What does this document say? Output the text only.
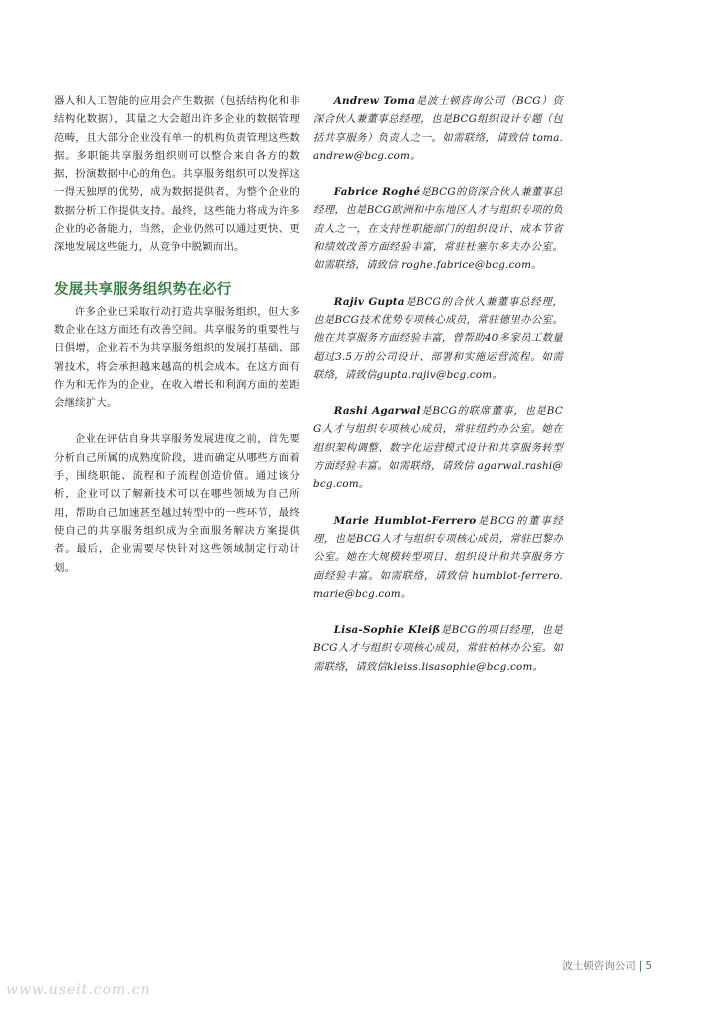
器人和人工智能的应用会产生数据（包括结构化和非结构化数据），其量之大会超出许多企业的数据管理范畴，且大部分企业没有单一的机构负责管理这些数据。多职能共享服务组织则可以整合来自各方的数据，扮演数据中心的角色。共享服务组织可以发挥这一得天独厚的优势，成为数据提供者，为整个企业的数据分析工作提供支持。最终，这些能力将成为许多企业的必备能力，当然，企业仍然可以通过更快、更深地发展这些能力，从竞争中脱颖而出。

发展共享服务组织势在必行

许多企业已采取行动打造共享服务组织，但大多数企业在这方面还有改善空间。共享服务的重要性与日俱增，企业若不为共享服务组织的发展打基础、部署技术，将会承担越来越高的机会成本。在这方面有作为和无作为的企业，在收入增长和利润方面的差距会继续扩大。

企业在评估自身共享服务发展进度之前，首先要分析自己所属的成熟度阶段，进而确定从哪些方面着手，围绕职能、流程和子流程创造价值。通过该分析，企业可以了解新技术可以在哪些领域为自己所用，帮助自己加速甚至越过转型中的一些环节，最终使自己的共享服务组织成为全面服务解决方案提供者。最后，企业需要尽快针对这些领域制定行动计划。

Andrew Toma是波士顿咨询公司（BCG）资深合伙人兼董事总经理，也是BCG组织设计专题（包括共享服务）负责人之一。如需联络，请致信 toma.andrew@bcg.com。

Fabrice Roghé是BCG的资深合伙人兼董事总经理，也是BCG欧洲和中东地区人才与组织专项的负责人之一，在支持性职能部门的组织设计、成本节省和绩效改善方面经验丰富，常驻杜塞尔多夫办公室。如需联络，请致信 roghe.fabrice@bcg.com。

Rajiv Gupta是BCG的合伙人兼董事总经理，也是BCG技术优势专项核心成员，常驻德里办公室。他在共享服务方面经验丰富，曾帮助40多家员工数量超过3.5万的公司设计、部署和实施运营流程。如需联络，请致信gupta.rajiv@bcg.com。

Rashi Agarwal是BCG的联席董事，也是BCG人才与组织专项核心成员，常驻纽约办公室。她在组织架构调整、数字化运营模式设计和共享服务转型方面经验丰富。如需联络，请致信 agarwal.rashi@bcg.com。

Marie Humblot-Ferrero是BCG的董事经理，也是BCG人才与组织专项核心成员，常驻巴黎办公室。她在大规模转型项目、组织设计和共享服务方面经验丰富。如需联络，请致信 humblot-ferrero.marie@bcg.com。

Lisa-Sophie Kleiß是BCG的项目经理，也是BCG人才与组织专项核心成员，常驻柏林办公室。如需联络，请致信kleiss.lisasophie@bcg.com。

波士顿咨询公司 | 5
www.useit.com.cn
